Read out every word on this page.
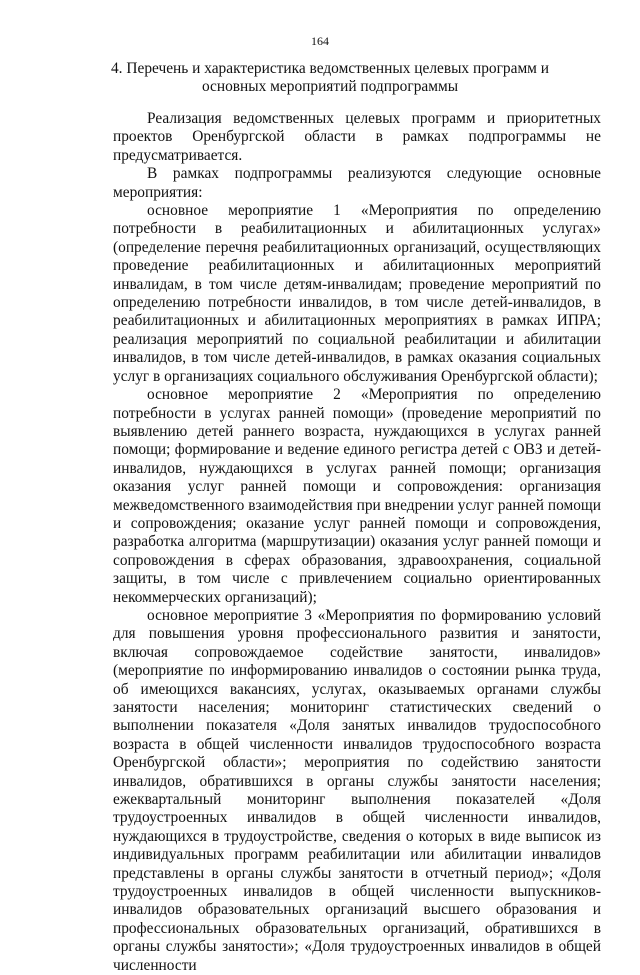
164
4. Перечень и характеристика ведомственных целевых программ и
основных мероприятий подпрограммы

Реализация ведомственных целевых программ и приоритетных проектов Оренбургской области в рамках подпрограммы не предусматривается.

В рамках подпрограммы реализуются следующие основные мероприятия:

основное мероприятие 1 «Мероприятия по определению потребности в реабилитационных и абилитационных услугах» (определение перечня реабилитационных организаций, осуществляющих проведение реабилитационных и абилитационных мероприятий инвалидам, в том числе детям-инвалидам; проведение мероприятий по определению потребности инвалидов, в том числе детей-инвалидов, в реабилитационных и абилитационных мероприятиях в рамках ИПРА; реализация мероприятий по социальной реабилитации и абилитации инвалидов, в том числе детей-инвалидов, в рамках оказания социальных услуг в организациях социального обслуживания Оренбургской области);

основное мероприятие 2 «Мероприятия по определению потребности в услугах ранней помощи» (проведение мероприятий по выявлению детей раннего возраста, нуждающихся в услугах ранней помощи; формирование и ведение единого регистра детей с ОВЗ и детей-инвалидов, нуждающихся в услугах ранней помощи; организация оказания услуг ранней помощи и сопровождения: организация межведомственного взаимодействия при внедрении услуг ранней помощи и сопровождения; оказание услуг ранней помощи и сопровождения, разработка алгоритма (маршрутизации) оказания услуг ранней помощи и сопровождения в сферах образования, здравоохранения, социальной защиты, в том числе с привлечением социально ориентированных некоммерческих организаций);

основное мероприятие 3 «Мероприятия по формированию условий для повышения уровня профессионального развития и занятости, включая сопровождаемое содействие занятости, инвалидов» (мероприятие по информированию инвалидов о состоянии рынка труда, об имеющихся вакансиях, услугах, оказываемых органами службы занятости населения; мониторинг статистических сведений о выполнении показателя «Доля занятых инвалидов трудоспособного возраста в общей численности инвалидов трудоспособного возраста Оренбургской области»; мероприятия по содействию занятости инвалидов, обратившихся в органы службы занятости населения; ежеквартальный мониторинг выполнения показателей «Доля трудоустроенных инвалидов в общей численности инвалидов, нуждающихся в трудоустройстве, сведения о которых в виде выписок из индивидуальных программ реабилитации или абилитации инвалидов представлены в органы службы занятости в отчетный период»; «Доля трудоустроенных инвалидов в общей численности выпускников-инвалидов образовательных организаций высшего образования и профессиональных образовательных организаций, обратившихся в органы службы занятости»; «Доля трудоустроенных инвалидов в общей численности
